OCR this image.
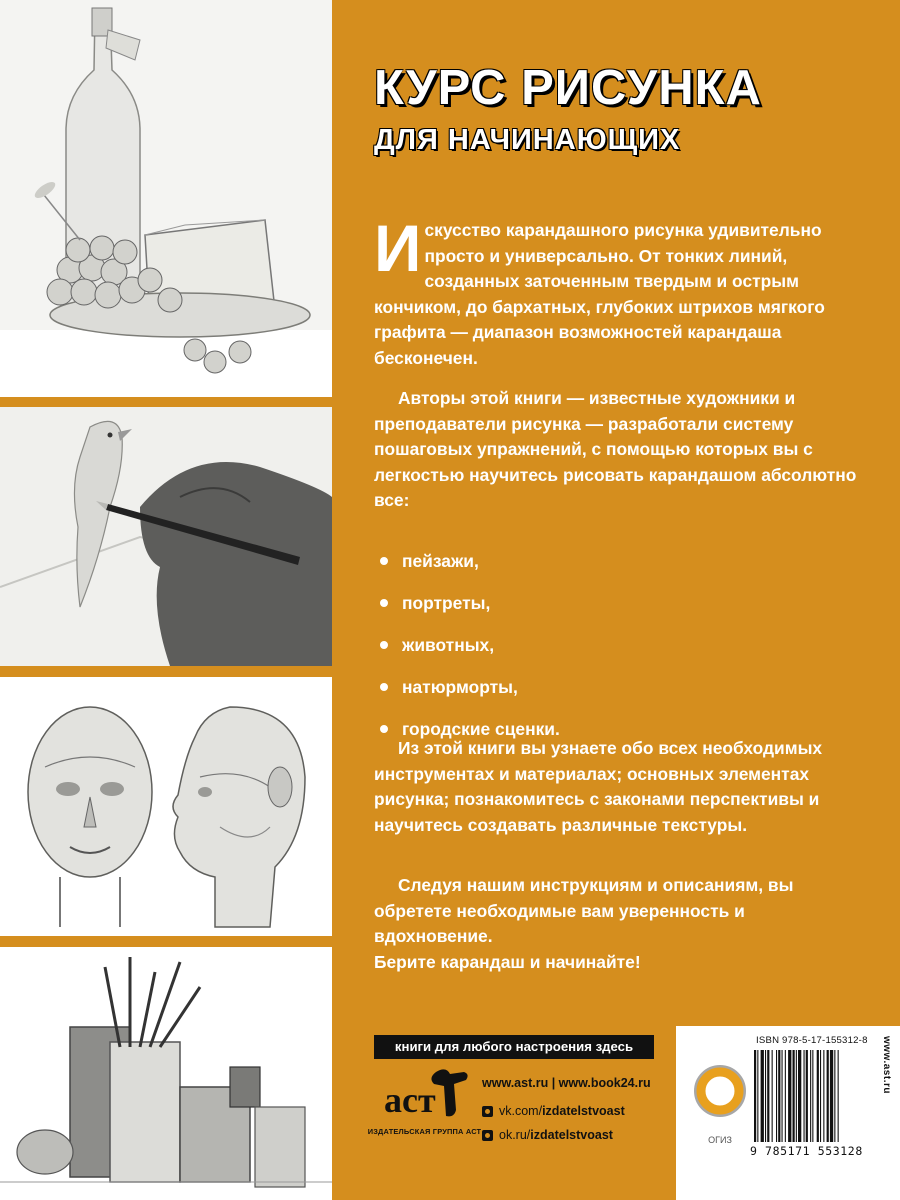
КУРС РИСУНКА
ДЛЯ НАЧИНАЮЩИХ
Искусство карандашного рисунка удивительно просто и универсально. От тонких линий, созданных заточенным твердым и острым кончиком, до бархатных, глубоких штрихов мягкого графита — диапазон возможностей карандаша бесконечен.
Авторы этой книги — известные художники и преподаватели рисунка — разработали систему пошаговых упражнений, с помощью которых вы с легкостью научитесь рисовать карандашом абсолютно все:
пейзажи,
портреты,
животных,
натюрморты,
городские сценки.
Из этой книги вы узнаете обо всех необходимых инструментах и материалах; основных элементах рисунка; познакомитесь с законами перспективы и научитесь создавать различные текстуры.
Следуя нашим инструкциям и описаниям, вы обретете необходимые вам уверенность и вдохновение.
Берите карандаш и начинайте!
книги для любого настроения здесь
аст
ИЗДАТЕЛЬСКАЯ ГРУППА АСТ
www.ast.ru | www.book24.ru
vk.com/ izdatelstvoast
ok.ru/ izdatelstvoast	ОГИЗ
ISBN 978-5-17-155312-8
9 785171 553128
www.ast.ru
